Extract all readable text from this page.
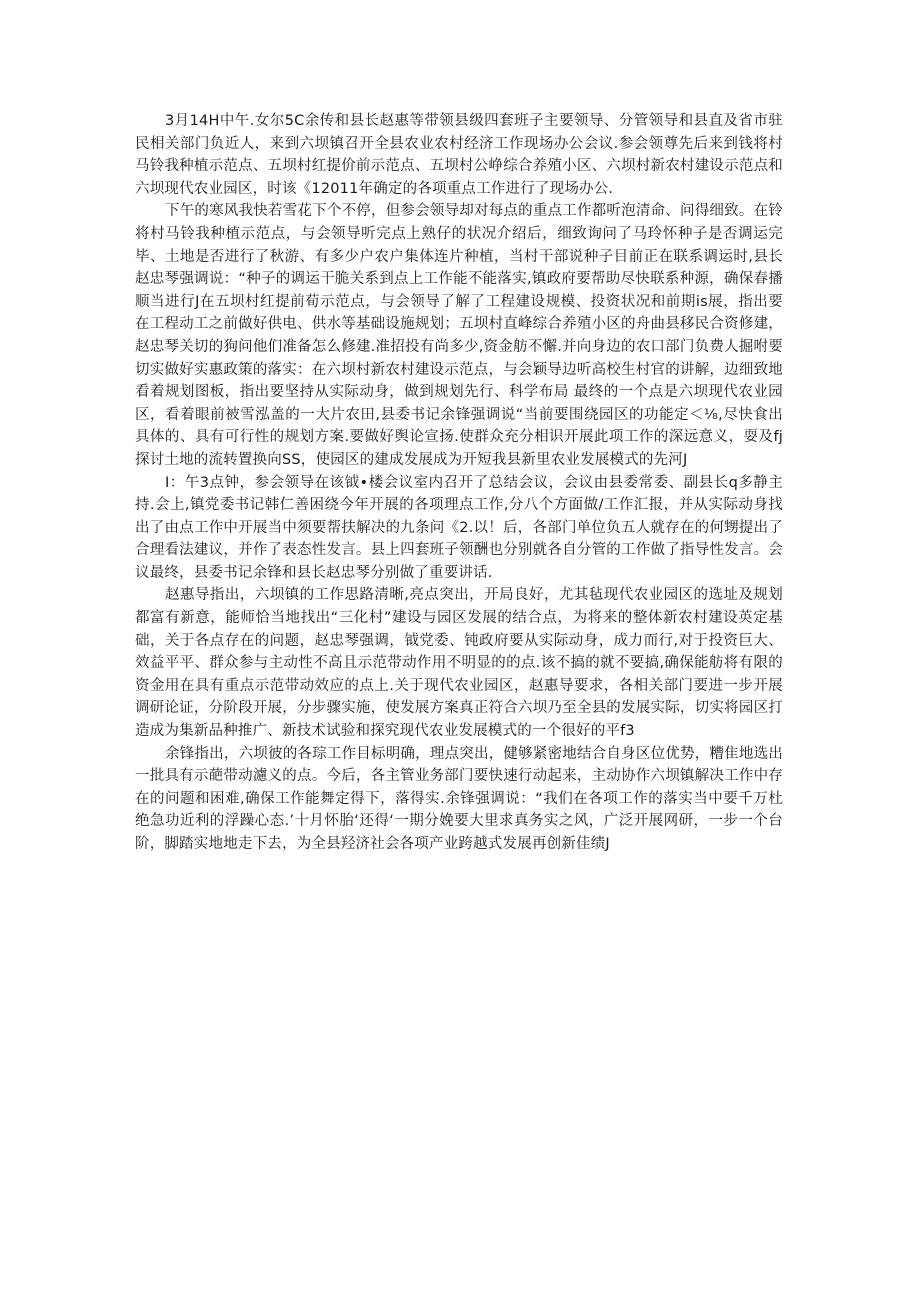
3月14H中午.女尔5C余传和县长赵惠等带领县级四套班子主要领导、分管领导和县直及省市驻民相关部门负近人，来到六坝镇召开全县农业农村经济工作现场办公会议.参会领尊先后来到钱将村马铃我种植示范点、五坝村红提价前示范点、五坝村公峥综合养殖小区、六坝村新农村建设示范点和六坝现代农业园区，时该《12011年确定的各项重点工作进行了现场办公.

下午的寒风我快若雪花下个不停，但参会领导却对每点的重点工作都听泡清命、问得细致。在铃将村马铃我种植示范点，与会领导听完点上熟仔的状况介绍后，细致询问了马玲怀种子是否调运完毕、土地是否进行了秋游、有多少户农户集体连片种植，当村干部说种子目前正在联系调运时,县长赵忠琴强调说：“种子的调运干脆关系到点上工作能不能落实,镇政府要帮助尽快联系种源，确保春播顺当进行J在五坝村红提前荀示范点，与会领导了解了工程建设规模、投资状况和前期is展，指出要在工程动工之前做好供电、供水等基础设施规划；五坝村直峰综合养殖小区的舟曲县移民合资修建，赵忠琴关切的狗问他们准备怎么修建.准招投有尚多少,资金舫不懈.并向身边的农口部门负费人掘咐要切实做好实惠政策的落实：在六坝村新农村建设示范点，与会颖导边听高校生村官的讲解，边细致地看着规划图板，指出要坚持从实际动身，做到规划先行、科学布局 最终的一个点是六坝现代农业园区，看着眼前被雪泓盖的一大片农田,县委书记余锋强调说“当前要围绕园区的功能定＜⅛,尽快食出具体的、具有可行性的规划方案.要做好舆论宣扬.使群众充分相识开展此项工作的深远意义，耍及fj探讨土地的流转置换向SS，使园区的建成发展成为开短我县新里农业发展模式的先河J

I：午3点钟，参会领导在该钺•楼会议室内召开了总结会议，会议由县委常委、副县长q多静主持.会上,镇党委书记韩仁善困绕今年开展的各项理点工作,分八个方面做/工作汇报，并从实际动身找出了由点工作中开展当中须要帮扶解决的九条问《2.以！后，各部门单位负五人就存在的何甥提出了合理看法建议，并作了表态性发言。县上四套班子领酬也分别就各自分管的工作做了指导性发言。会议最终，县委书记余锋和县长赵忠琴分别做了重要讲话.

赵惠导指出，六坝镇的工作思路清晰,亮点突出，开局良好，尤其毡现代农业园区的选址及规划都富有新意，能师恰当地找出“三化村”建设与园区发展的结合点，为将来的整体新农村建设英定基础，关于各点存在的问题，赵忠琴强调，钺党委、钝政府要从实际动身，成力而行,对于投资巨大、效益平平、群众参与主动性不高且示范带动作用不明显的的点.该不搞的就不要搞,确保能舫将有限的资金用在具有重点示范带动效应的点上.关于现代农业园区，赵惠导要求，各相关部门要进一步开展调研论证，分阶段开展，分步骤实施，使发展方案真正符合六坝乃至全县的发展实际，切实将园区打造成为集新品种推广、新技术试验和探究现代农业发展模式的一个很好的平f3

余锋指出，六坝彼的各琮工作目标明确，理点突出，健够紧密地结合自身区位优势，糟隹地选出一批具有示葩带动濾义的点。今后，各主管业务部门要快速行动起来，主动协作六坝镇解决工作中存在的问题和困难,确保工作能舞定得下，落得实.余锋强调说：“我们在各项工作的落实当中要千万杜绝急功近利的浮躁心态.’十月怀胎‘还得‘一期分娩要大里求真务实之风，广泛开展网研，一步一个台阶，脚踏实地地走下去，为全县羟济社会各项产业跨越式发展再创新佳绩J
